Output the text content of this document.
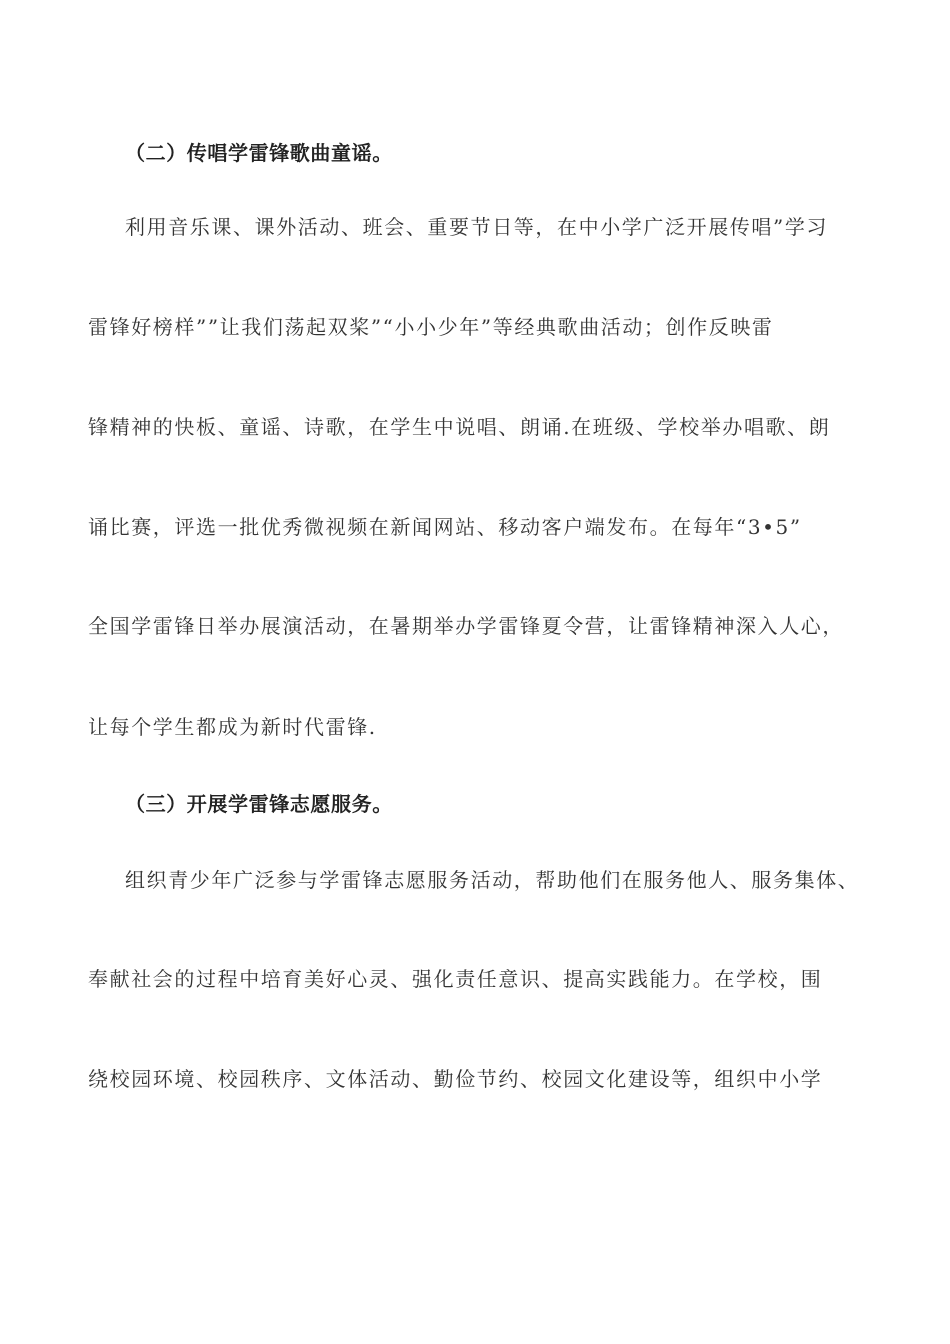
（二）传唱学雷锋歌曲童谣。
利用音乐课、课外活动、班会、重要节日等，在中小学广泛开展传唱”学习
雷锋好榜样””让我们荡起双桨”“小小少年”等经典歌曲活动；创作反映雷
锋精神的快板、童谣、诗歌，在学生中说唱、朗诵.在班级、学校举办唱歌、朗
诵比赛，评选一批优秀微视频在新闻网站、移动客户端发布。在每年“3•5”
全国学雷锋日举办展演活动，在暑期举办学雷锋夏令营，让雷锋精神深入人心，
让每个学生都成为新时代雷锋.
（三）开展学雷锋志愿服务。
组织青少年广泛参与学雷锋志愿服务活动，帮助他们在服务他人、服务集体、
奉献社会的过程中培育美好心灵、强化责任意识、提高实践能力。在学校，围
绕校园环境、校园秩序、文体活动、勤俭节约、校园文化建设等，组织中小学
